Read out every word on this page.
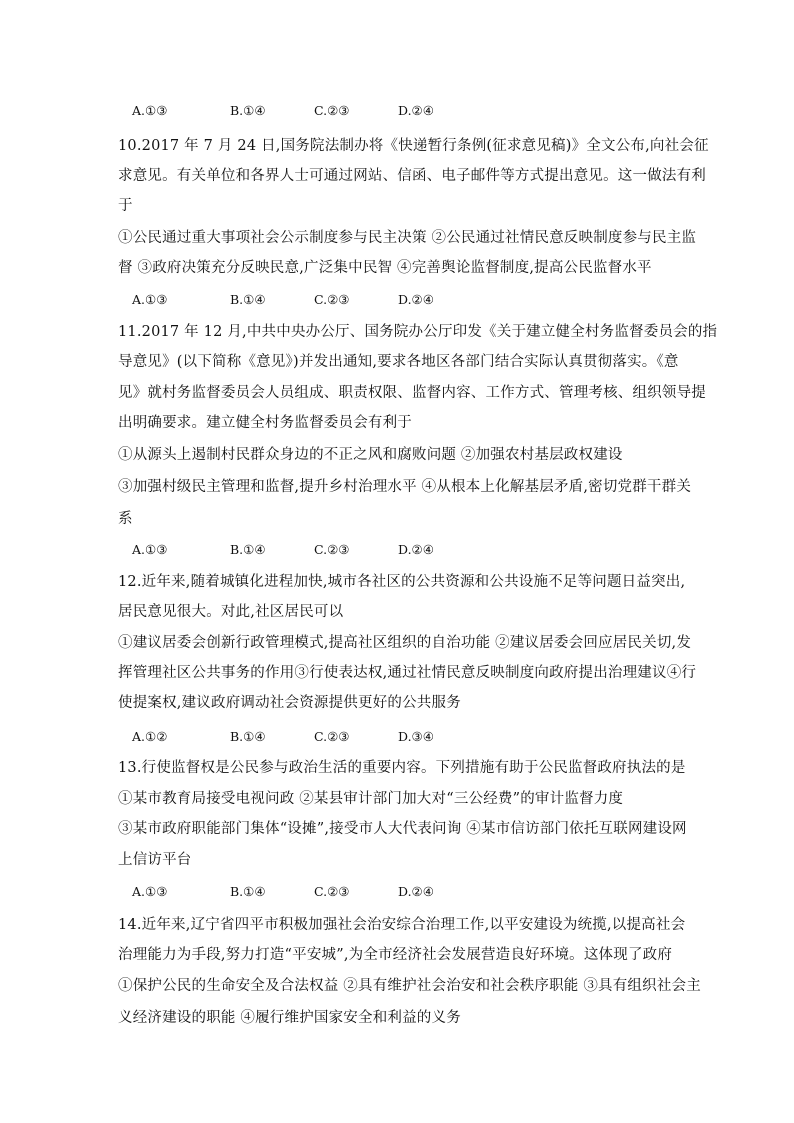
A.①③	B.①④	C.②③	D.②④
10.2017 年 7 月 24 日,国务院法制办将《快递暂行条例(征求意见稿)》全文公布,向社会征
求意见。有关单位和各界人士可通过网站、信函、电子邮件等方式提出意见。这一做法有利
于
①公民通过重大事项社会公示制度参与民主决策 ②公民通过社情民意反映制度参与民主监
督 ③政府决策充分反映民意,广泛集中民智 ④完善舆论监督制度,提高公民监督水平
A.①③	B.①④	C.②③	D.②④
11.2017 年 12 月,中共中央办公厅、国务院办公厅印发《关于建立健全村务监督委员会的指
导意见》(以下简称《意见》)并发出通知,要求各地区各部门结合实际认真贯彻落实。《意
见》就村务监督委员会人员组成、职责权限、监督内容、工作方式、管理考核、组织领导提
出明确要求。建立健全村务监督委员会有利于
①从源头上遏制村民群众身边的不正之风和腐败问题 ②加强农村基层政权建设
③加强村级民主管理和监督,提升乡村治理水平 ④从根本上化解基层矛盾,密切党群干群关
系
A.①③	B.①④	C.②③	D.②④
12.近年来,随着城镇化进程加快,城市各社区的公共资源和公共设施不足等问题日益突出,
居民意见很大。对此,社区居民可以
①建议居委会创新行政管理模式,提高社区组织的自治功能 ②建议居委会回应居民关切,发
挥管理社区公共事务的作用③行使表达权,通过社情民意反映制度向政府提出治理建议④行
使提案权,建议政府调动社会资源提供更好的公共服务
A.①②	B.①④	C.②③	D.③④
13.行使监督权是公民参与政治生活的重要内容。下列措施有助于公民监督政府执法的是
①某市教育局接受电视问政 ②某县审计部门加大对“三公经费”的审计监督力度
③某市政府职能部门集体“设摊”,接受市人大代表问询 ④某市信访部门依托互联网建设网
上信访平台
A.①③	B.①④	C.②③	D.②④
14.近年来,辽宁省四平市积极加强社会治安综合治理工作,以平安建设为统揽,以提高社会
治理能力为手段,努力打造“平安城”,为全市经济社会发展营造良好环境。这体现了政府
①保护公民的生命安全及合法权益 ②具有维护社会治安和社会秩序职能 ③具有组织社会主
义经济建设的职能 ④履行维护国家安全和利益的义务
